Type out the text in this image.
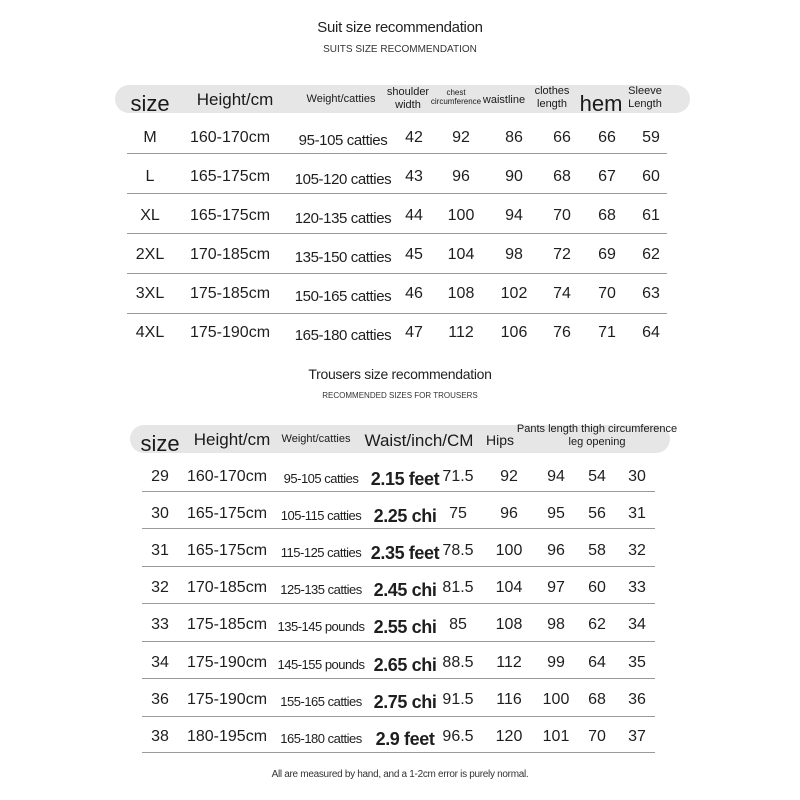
Suit size recommendation
SUITS SIZE RECOMMENDATION
size Height/cm	Weight/catties
shoulder
width
chest
circumference waistline
clothes
length hem Sleeve
Length
M 160-170cm 95-105 catties 42 92 86 66 66 59
L 165-175cm 105-120 catties 43 96 90 68 67 60
XL 165-175cm 120-135 catties 44 100 94 70 68 61
2XL 170-185cm 135-150 catties 45 104 98 72 69 62
3XL 175-185cm 150-165 catties 46 108 102 74 70 63
4XL 175-190cm 165-180 catties 47 112 106 76 71 64
Trousers size recommendation
RECOMMENDED SIZES FOR TROUSERS
size Height/cm Weight/catties Waist/inch/CM Hips
Pants length thigh circumference
leg opening
29 160-170cm 95-105 catties 2.15 feet 71.5 92 94 54 30
30 165-175cm 105-115 catties 2.25 chi 75 96 95 56 31
31 165-175cm 115-125 catties 2.35 feet 78.5 100 96 58 32
32 170-185cm 125-135 catties 2.45 chi 81.5 104 97 60 33
33 175-185cm 135-145 pounds 2.55 chi 85 108 98 62 34
34 175-190cm 145-155 pounds 2.65 chi 88.5 112 99 64 35
36 175-190cm 155-165 catties 2.75 chi 91.5 116 100 68 36
38 180-195cm 165-180 catties 2.9 feet 96.5 120 101 70 37
All are measured by hand, and a 1-2cm error is purely normal.
